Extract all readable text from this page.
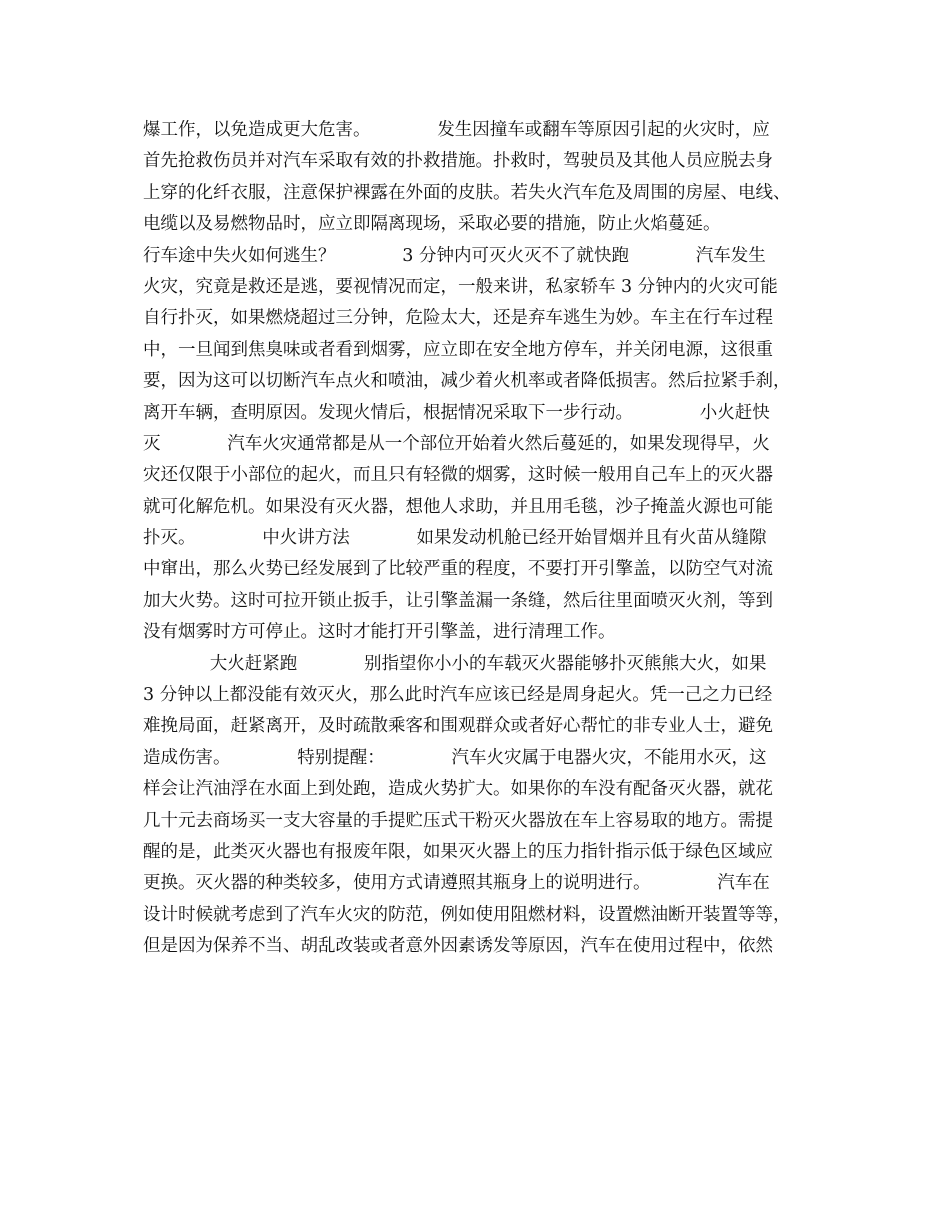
爆工作，以免造成更大危害。            发生因撞车或翻车等原因引起的火灾时，应
首先抢救伤员并对汽车采取有效的扑救措施。扑救时，驾驶员及其他人员应脱去身
上穿的化纤衣服，注意保护裸露在外面的皮肤。若失火汽车危及周围的房屋、电线、
电缆以及易燃物品时，应立即隔离现场，采取必要的措施，防止火焰蔓延。
行车途中失火如何逃生？            3 分钟内可灭火灭不了就快跑            汽车发生
火灾，究竟是救还是逃，要视情况而定，一般来讲，私家轿车 3 分钟内的火灾可能
自行扑灭，如果燃烧超过三分钟，危险太大，还是弃车逃生为妙。车主在行车过程
中，一旦闻到焦臭味或者看到烟雾，应立即在安全地方停车，并关闭电源，这很重
要，因为这可以切断汽车点火和喷油，减少着火机率或者降低损害。然后拉紧手刹，
离开车辆，查明原因。发现火情后，根据情况采取下一步行动。            小火赶快
灭            汽车火灾通常都是从一个部位开始着火然后蔓延的，如果发现得早，火
灾还仅限于小部位的起火，而且只有轻微的烟雾，这时候一般用自己车上的灭火器
就可化解危机。如果没有灭火器，想他人求助，并且用毛毯，沙子掩盖火源也可能
扑灭。            中火讲方法            如果发动机舱已经开始冒烟并且有火苗从缝隙
中窜出，那么火势已经发展到了比较严重的程度，不要打开引擎盖，以防空气对流
加大火势。这时可拉开锁止扳手，让引擎盖漏一条缝，然后往里面喷灭火剂，等到
没有烟雾时方可停止。这时才能打开引擎盖，进行清理工作。
大火赶紧跑            别指望你小小的车载灭火器能够扑灭熊熊大火，如果
3 分钟以上都没能有效灭火，那么此时汽车应该已经是周身起火。凭一己之力已经
难挽局面，赶紧离开，及时疏散乘客和围观群众或者好心帮忙的非专业人士，避免
造成伤害。            特别提醒：            汽车火灾属于电器火灾，不能用水灭，这
样会让汽油浮在水面上到处跑，造成火势扩大。如果你的车没有配备灭火器，就花
几十元去商场买一支大容量的手提贮压式干粉灭火器放在车上容易取的地方。需提
醒的是，此类灭火器也有报废年限，如果灭火器上的压力指针指示低于绿色区域应
更换。灭火器的种类较多，使用方式请遵照其瓶身上的说明进行。            汽车在
设计时候就考虑到了汽车火灾的防范，例如使用阻燃材料，设置燃油断开装置等等，
但是因为保养不当、胡乱改装或者意外因素诱发等原因，汽车在使用过程中，依然
